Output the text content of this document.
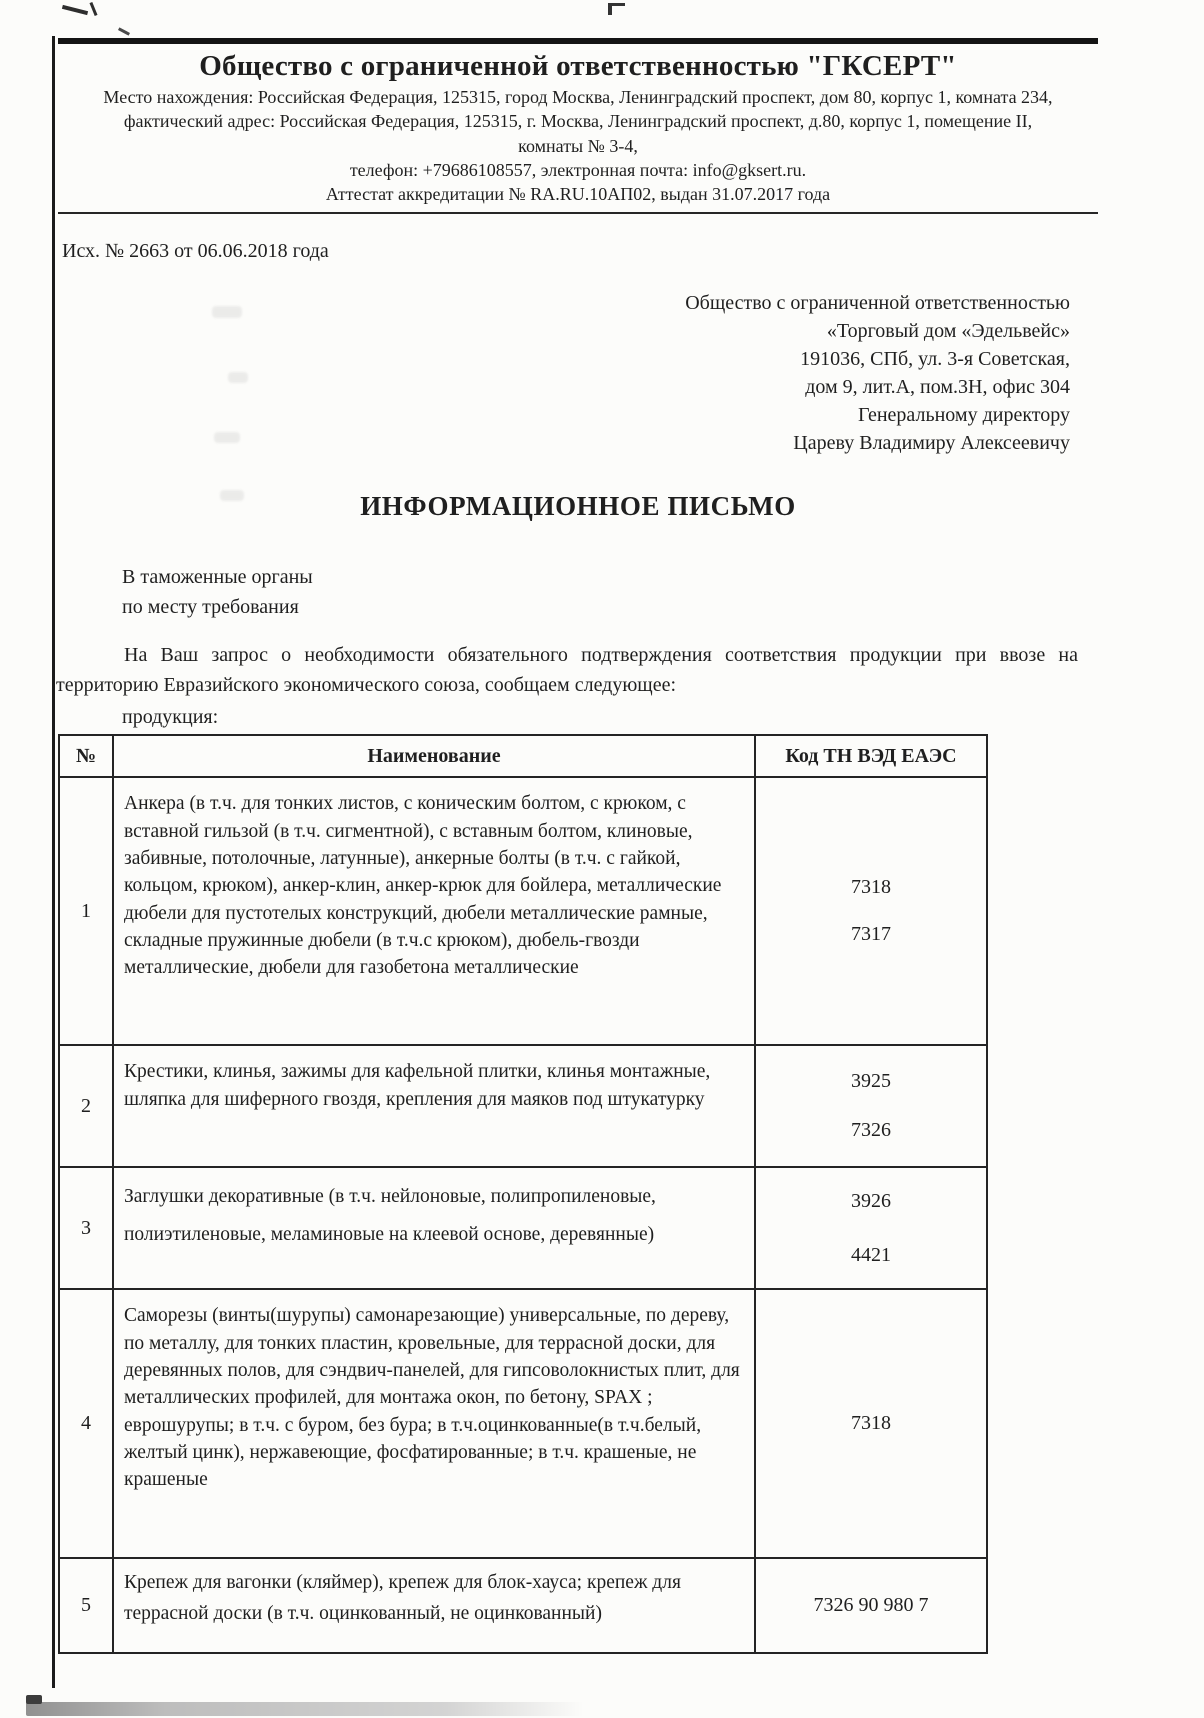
Общество с ограниченной ответственностью "ГКСЕРТ"

Место нахождения: Российская Федерация, 125315, город Москва, Ленинградский проспект, дом 80, корпус 1, комната 234,

фактический адрес: Российская Федерация, 125315, г. Москва, Ленинградский проспект, д.80, корпус 1, помещение II,

комнаты № 3-4,

телефон: +79686108557, электронная почта: info@gksert.ru.

Аттестат аккредитации № RA.RU.10АП02, выдан 31.07.2017 года

Исх. № 2663 от 06.06.2018 года

Общество с ограниченной ответственностью
«Торговый дом «Эдельвейс»
191036, СПб, ул. 3-я Советская,
дом 9, лит.А, пом.3Н, офис 304
Генеральному директору
Цареву Владимиру Алексеевичу
ИНФОРМАЦИОННОЕ ПИСЬМО

В таможенные органы

по месту требования

На Ваш запрос о необходимости обязательного подтверждения соответствия продукции при ввозе на территорию Евразийского экономического союза, сообщаем следующее:

продукция:

№	Наименование	Код ТН ВЭД ЕАЭС
1	Анкера (в т.ч. для тонких листов, с коническим болтом, с крюком, с вставной гильзой (в т.ч. сигментной), с вставным болтом, клиновые, забивные, потолочные, латунные), анкерные болты (в т.ч. с гайкой, кольцом, крюком), анкер-клин, анкер-крюк для бойлера, металлические дюбели для пустотелых конструкций, дюбели металлические рамные, складные пружинные дюбели (в т.ч.с крюком), дюбель-гвозди металлические, дюбели для газобетона металлические	7318
7317

2	Крестики, клинья, зажимы для кафельной плитки, клинья монтажные, шляпка для шиферного гвоздя, крепления для маяков под штукатурку	3925
7326

3	Заглушки декоративные (в т.ч. нейлоновые, полипропиленовые, полиэтиленовые, меламиновые на клеевой основе, деревянные)	3926
4421

4	Саморезы (винты(шурупы) самонарезающие) универсальные, по дереву, по металлу, для тонких пластин, кровельные, для террасной доски, для деревянных полов, для сэндвич-панелей, для гипсоволокнистых плит, для металлических профилей, для монтажа окон, по бетону, SPAX ; еврошурупы; в т.ч. с буром, без бура; в т.ч.оцинкованные(в т.ч.белый, желтый цинк), нержавеющие, фосфатированные; в т.ч. крашеные, не крашеные	7318

5	Крепеж для вагонки (кляймер), крепеж для блок-хауса; крепеж для террасной доски (в т.ч. оцинкованный, не оцинкованный)	7326 90 980 7
